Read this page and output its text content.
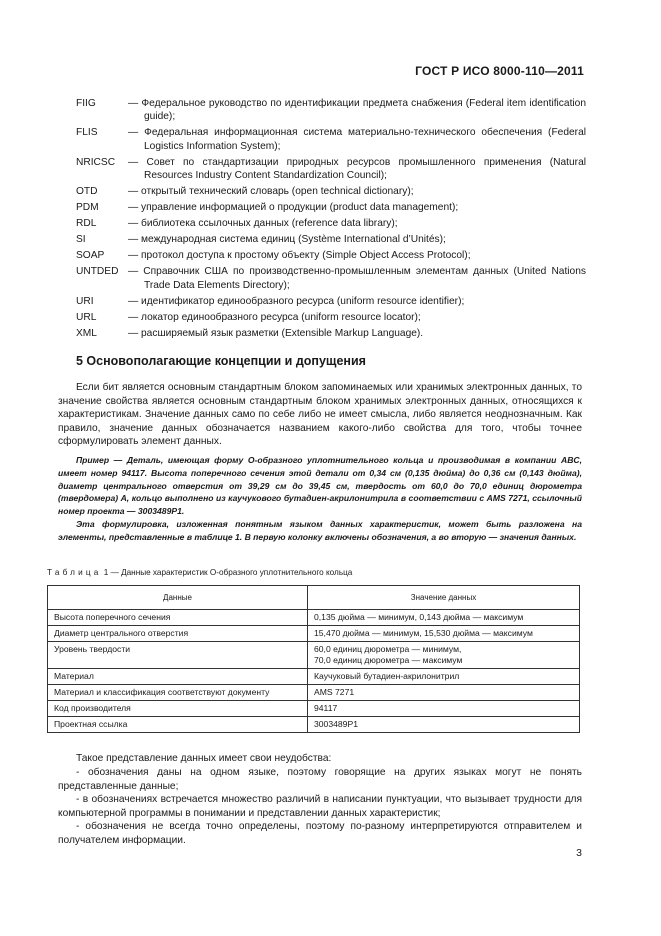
ГОСТ Р ИСО 8000-110—2011
FIIG	— Федеральное руководство по идентификации предмета снабжения (Federal item identification guide);
FLIS	— Федеральная информационная система материально-технического обеспечения (Federal Logistics Information System);
NRICSC	— Совет по стандартизации природных ресурсов промышленного применения (Natural Resources Industry Content Standardization Council);
OTD	— открытый технический словарь (open technical dictionary);
PDM	— управление информацией о продукции (product data management);
RDL	— библиотека ссылочных данных (reference data library);
SI	— международная система единиц (Système International d’Unités);
SOAP	— протокол доступа к простому объекту (Simple Object Access Protocol);
UNTDED — Справочник США по производственно-промышленным элементам данных (United Nations Trade Data Elements Directory);
URI	— идентификатор единообразного ресурса (uniform resource identifier);
URL	— локатор единообразного ресурса (uniform resource locator);
XML	— расширяемый язык разметки (Extensible Markup Language).
5 Основополагающие концепции и допущения

Если бит является основным стандартным блоком запоминаемых или хранимых электронных данных, то значение свойства является основным стандартным блоком хранимых электронных данных, относящихся к характеристикам. Значение данных само по себе либо не имеет смысла, либо является неоднозначным. Как правило, значение данных обозначается названием какого-либо свойства для того, чтобы точнее сформулировать элемент данных.

Пример — Деталь, имеющая форму О-образного уплотнительного кольца и производимая в компании ABC, имеет номер 94117. Высота поперечного сечения этой детали от 0,34 см (0,135 дюйма) до 0,36 см (0,143 дюйма), диаметр центрального отверстия от 39,29 см до 39,45 см, твердость от 60,0 до 70,0 единиц дюрометра (твердомера) А, кольцо выполнено из каучукового бутадиен-акрилонитрила в соответствии с AMS 7271, ссылочный номер проекта — 3003489P1.

Эта формулировка, изложенная понятным языком данных характеристик, может быть разложена на элементы, представленные в таблице 1. В первую колонку включены обозначения, а во вторую — значения данных.

Таблица 1 — Данные характеристик О-образного уплотнительного кольца
Данные	Значение данных
Высота поперечного сечения	0,135 дюйма — минимум, 0,143 дюйма — максимум

Диаметр центрального отверстия	15,470 дюйма — минимум, 15,530 дюйма — максимум

Уровень твердости	60,0 единиц дюрометра — минимум,
70,0 единиц дюрометра — максимум

Материал	Каучуковый бутадиен-акрилонитрил

Материал и классификация соответствуют документу	AMS 7271

Код производителя	94117

Проектная ссылка	3003489P1

Такое представление данных имеет свои неудобства:

- обозначения даны на одном языке, поэтому говорящие на других языках могут не понять представленные данные;

- в обозначениях встречается множество различий в написании пунктуации, что вызывает трудности для компьютерной программы в понимании и представлении данных характеристик;

- обозначения не всегда точно определены, поэтому по-разному интерпретируются отправителем и получателем информации.

3
